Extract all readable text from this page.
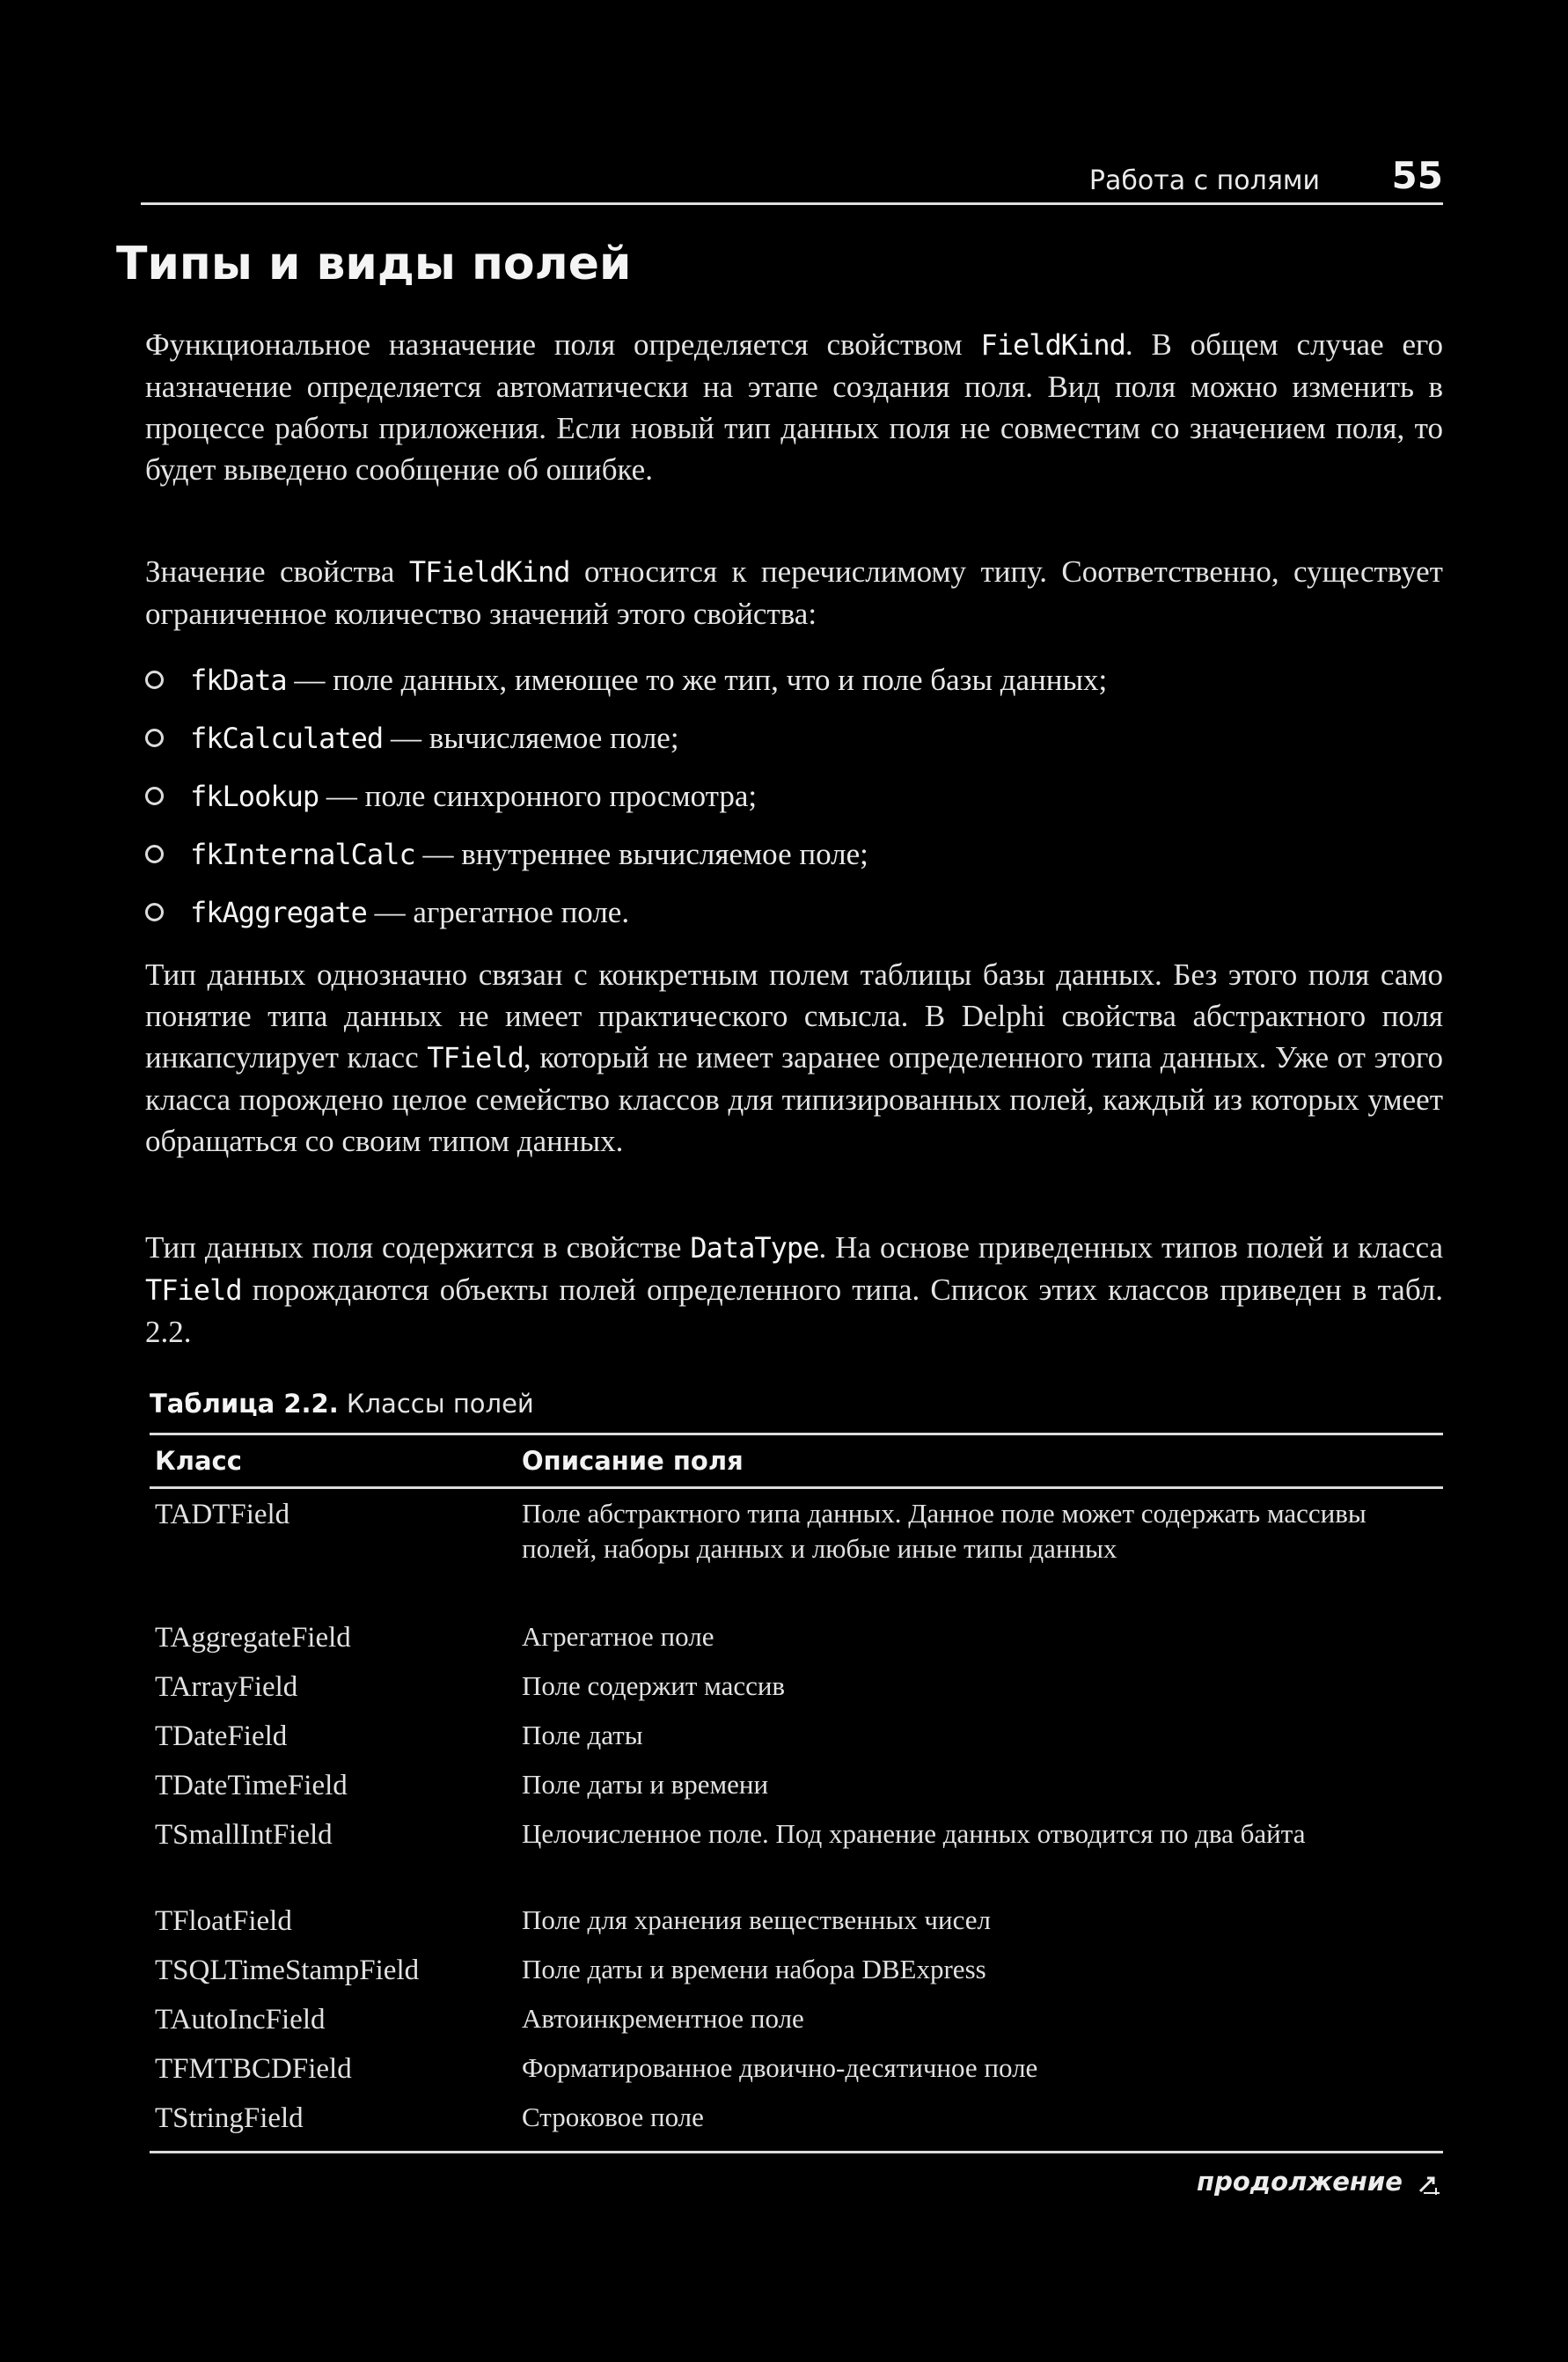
Работа с полями 55
Типы и виды полей

Функциональное назначение поля определяется свойством FieldKind. В общем случае его назначение определяется автоматически на этапе создания поля. Вид поля можно изменить в процессе работы приложения. Если новый тип данных поля не совместим со значением поля, то будет выведено сообщение об ошибке.

Значение свойства TFieldKind относится к перечислимому типу. Соответственно, существует ограниченное количество значений этого свойства:

fkData — поле данных, имеющее то же тип, что и поле базы данных;
fkCalculated — вычисляемое поле;
fkLookup — поле синхронного просмотра;
fkInternalCalc — внутреннее вычисляемое поле;
fkAggregate — агрегатное поле.

Тип данных однозначно связан с конкретным полем таблицы базы данных. Без этого поля само понятие типа данных не имеет практического смысла. В Delphi свойства абстрактного поля инкапсулирует класс TField, который не имеет заранее определенного типа данных. Уже от этого класса порождено целое семейство классов для типизированных полей, каждый из которых умеет обращаться со своим типом данных.

Тип данных поля содержится в свойстве DataType. На основе приведенных типов полей и класса TField порождаются объекты полей определенного типа. Список этих классов приведен в табл. 2.2.

Таблица 2.2. Классы полей
Класс	Описание поля
TADTField	Поле абстрактного типа данных. Данное поле может содержать массивы полей, наборы данных и любые иные типы данных
TAggregateField	Агрегатное поле
TArrayField	Поле содержит массив
TDateField	Поле даты
TDateTimeField	Поле даты и времени
TSmallIntField	Целочисленное поле. Под хранение данных отводится по два байта
TFloatField	Поле для хранения вещественных чисел
TSQLTimeStampField	Поле даты и времени набора DBExpress
TAutoIncField	Автоинкрементное поле
TFMTBCDField	Форматированное двоично-десятичное поле
TStringField	Строковое поле
продолжение
